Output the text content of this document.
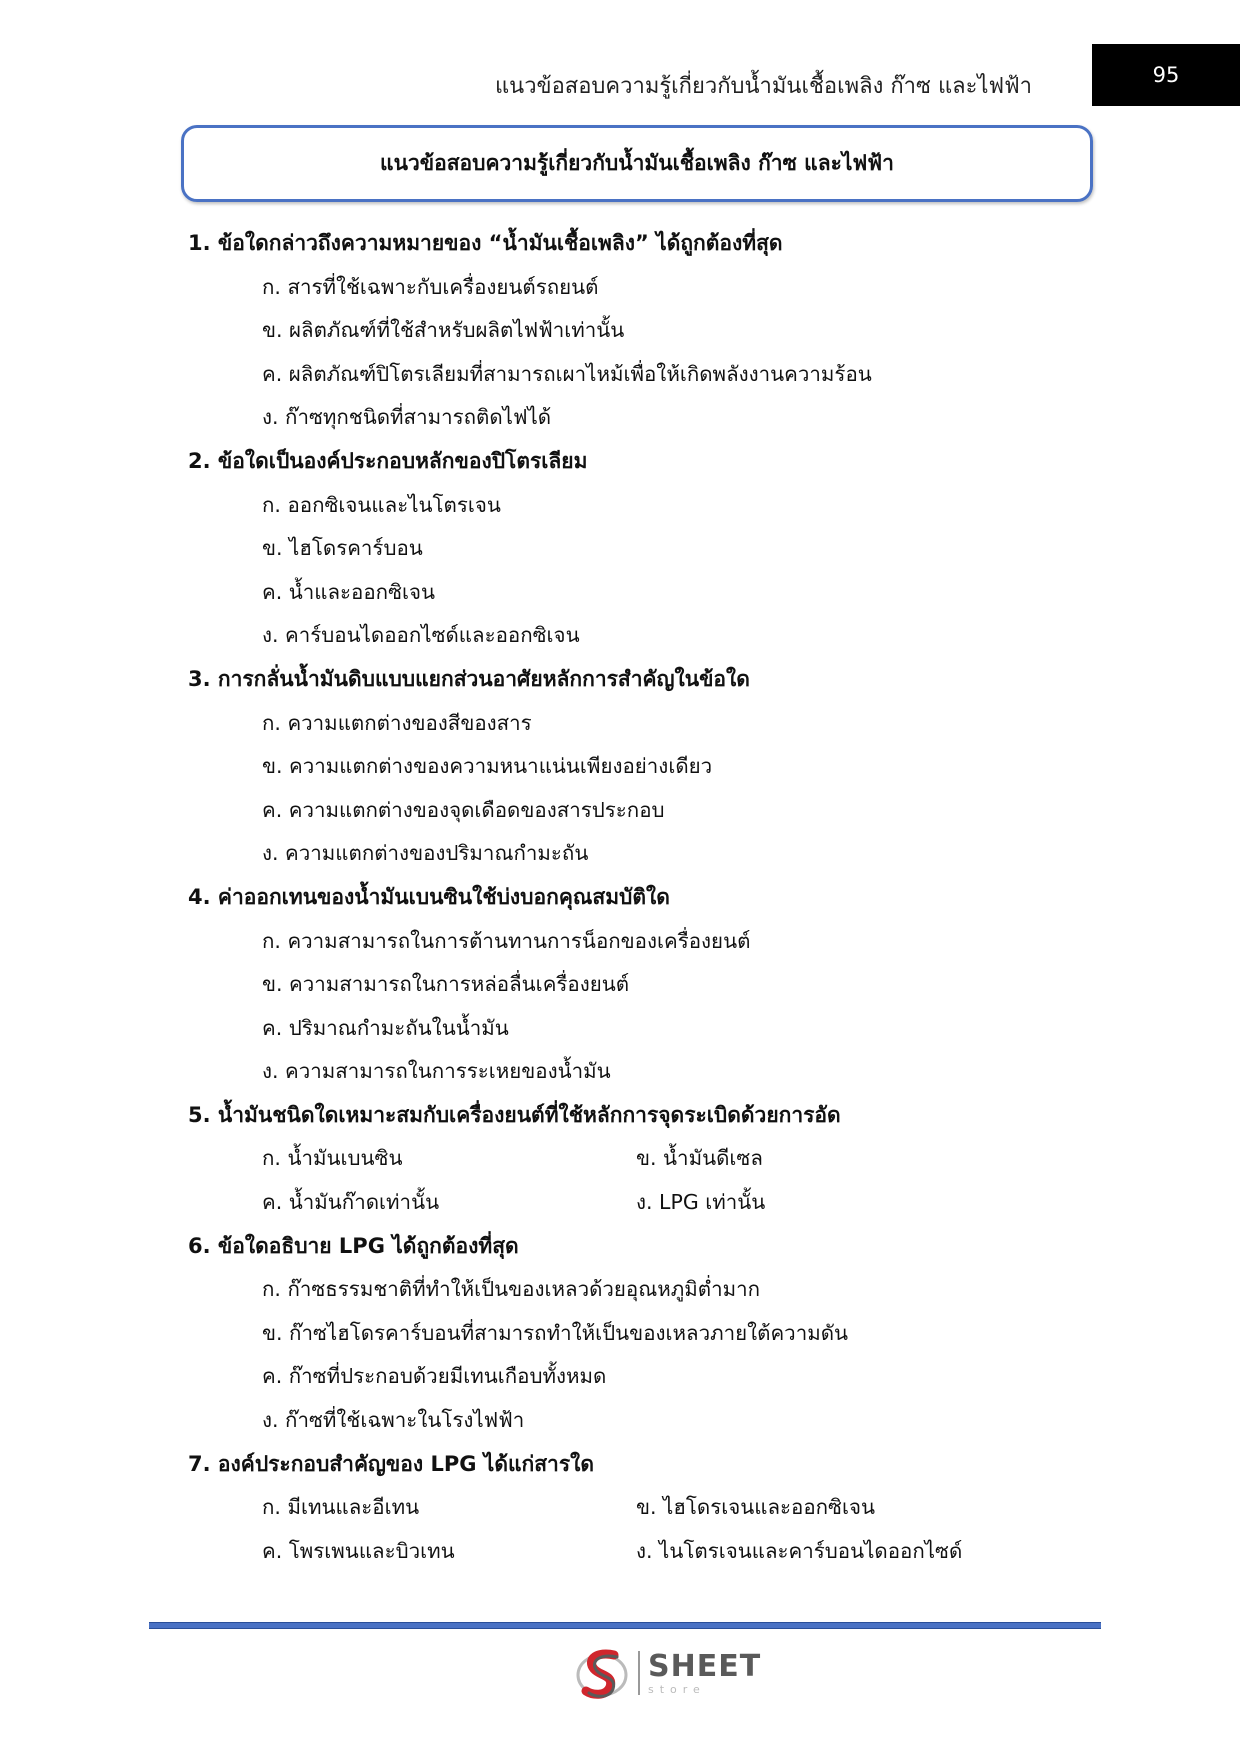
แนวข้อสอบความรู้เกี่ยวกับน้ำมันเชื้อเพลิง ก๊าซ และไฟฟ้า	95
แนวข้อสอบความรู้เกี่ยวกับน้ำมันเชื้อเพลิง ก๊าซ และไฟฟ้า
1. ข้อใดกล่าวถึงความหมายของ “น้ำมันเชื้อเพลิง” ได้ถูกต้องที่สุด
ก. สารที่ใช้เฉพาะกับเครื่องยนต์รถยนต์
ข. ผลิตภัณฑ์ที่ใช้สำหรับผลิตไฟฟ้าเท่านั้น
ค. ผลิตภัณฑ์ปิโตรเลียมที่สามารถเผาไหม้เพื่อให้เกิดพลังงานความร้อน
ง. ก๊าซทุกชนิดที่สามารถติดไฟได้
2. ข้อใดเป็นองค์ประกอบหลักของปิโตรเลียม
ก. ออกซิเจนและไนโตรเจน
ข. ไฮโดรคาร์บอน
ค. น้ำและออกซิเจน
ง. คาร์บอนไดออกไซด์และออกซิเจน
3. การกลั่นน้ำมันดิบแบบแยกส่วนอาศัยหลักการสำคัญในข้อใด
ก. ความแตกต่างของสีของสาร
ข. ความแตกต่างของความหนาแน่นเพียงอย่างเดียว
ค. ความแตกต่างของจุดเดือดของสารประกอบ
ง. ความแตกต่างของปริมาณกำมะถัน
4. ค่าออกเทนของน้ำมันเบนซินใช้บ่งบอกคุณสมบัติใด
ก. ความสามารถในการต้านทานการน็อกของเครื่องยนต์
ข. ความสามารถในการหล่อลื่นเครื่องยนต์
ค. ปริมาณกำมะถันในน้ำมัน
ง. ความสามารถในการระเหยของน้ำมัน
5. น้ำมันชนิดใดเหมาะสมกับเครื่องยนต์ที่ใช้หลักการจุดระเบิดด้วยการอัด
ก. น้ำมันเบนซิน	ข. น้ำมันดีเซล
ค. น้ำมันก๊าดเท่านั้น	ง. LPG เท่านั้น
6. ข้อใดอธิบาย LPG ได้ถูกต้องที่สุด
ก. ก๊าซธรรมชาติที่ทำให้เป็นของเหลวด้วยอุณหภูมิต่ำมาก
ข. ก๊าซไฮโดรคาร์บอนที่สามารถทำให้เป็นของเหลวภายใต้ความดัน
ค. ก๊าซที่ประกอบด้วยมีเทนเกือบทั้งหมด
ง. ก๊าซที่ใช้เฉพาะในโรงไฟฟ้า
7. องค์ประกอบสำคัญของ LPG ได้แก่สารใด
ก. มีเทนและอีเทน	ข. ไฮโดรเจนและออกซิเจน
ค. โพรเพนและบิวเทน	ง. ไนโตรเจนและคาร์บอนไดออกไซด์
SHEET
store
